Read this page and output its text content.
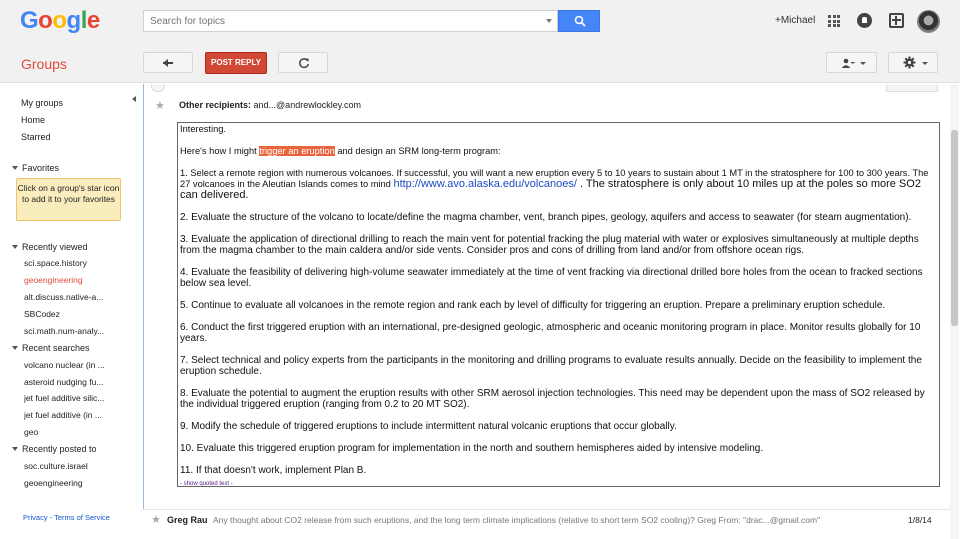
Google
Search for topics	+Michael
Groups	POST REPLY
My groups
Home
Starred
Favorites
Click on a group's star icon to add it to your favorites
Recently viewed
sci.space.history
geoengineering
alt.discuss.native-a...
SBCodez
sci.math.num-analy...
Recent searches
volcano nuclear (in ...
asteroid nudging fu...
jet fuel additive silic...
jet fuel additive (in ...
geo
Recently posted to
soc.culture.israel
geoengineering
Privacy - Terms of Service
★ Other recipients: and...@andrewlockley.com

Interesting.

Here's how I might trigger an eruption and design an SRM long-term program:

1. Select a remote region with numerous volcanoes. If successful, you will want a new eruption every 5 to 10 years to sustain about 1 MT in the stratosphere for 100 to 300 years. The 27 volcanoes in the Aleutian Islands comes to mind http://www.avo.alaska.edu/volcanoes/ . The stratosphere is only about 10 miles up at the poles so more SO2 can delivered.

2. Evaluate the structure of the volcano to locate/define the magma chamber, vent, branch pipes, geology, aquifers and access to seawater (for steam augmentation).

3. Evaluate the application of directional drilling to reach the main vent for potential fracking the plug material with water or explosives simultaneously at multiple depths from the magma chamber to the main caldera and/or side vents. Consider pros and cons of drilling from land and/or from offshore ocean rigs.

4. Evaluate the feasibility of delivering high-volume seawater immediately at the time of vent fracking via directional drilled bore holes from the ocean to fracked sections below sea level.

5. Continue to evaluate all volcanoes in the remote region and rank each by level of difficulty for triggering an eruption. Prepare a preliminary eruption schedule.

6. Conduct the first triggered eruption with an international, pre-designed geologic, atmospheric and oceanic monitoring program in place. Monitor results globally for 10 years.

7. Select technical and policy experts from the participants in the monitoring and drilling programs to evaluate results annually. Decide on the feasibility to implement the eruption schedule.

8. Evaluate the potential to augment the eruption results with other SRM aerosol injection technologies. This need may be dependent upon the mass of SO2 released by the individual triggered eruption (ranging from 0.2 to 20 MT SO2).

9. Modify the schedule of triggered eruptions to include intermittent natural volcanic eruptions that occur globally.

10. Evaluate this triggered eruption program for implementation in the north and southern hemispheres aided by intensive modeling.

11. If that doesn't work, implement Plan B.

- show quoted text -
★ Greg Rau Any thought about CO2 release from such eruptions, and the long term climate implications (relative to short term SO2 cooling)? Greg From: "drac...@gmail.com"	1/8/14
